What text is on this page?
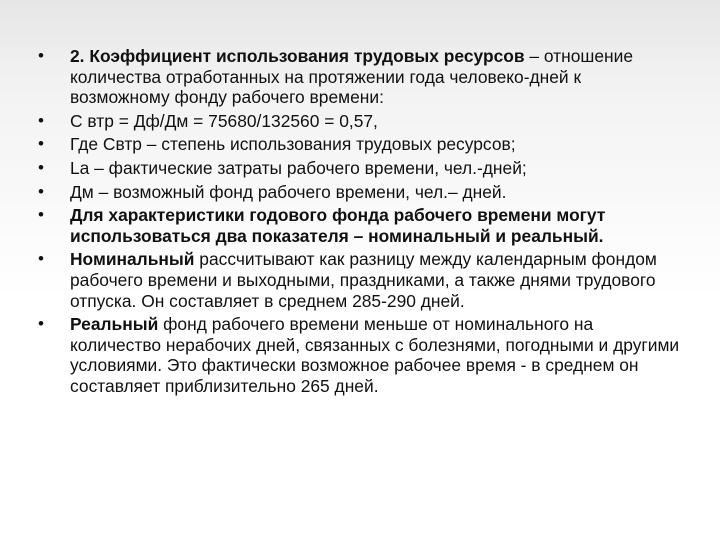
•	2. Коэффициент использования трудовых ресурсов – отношение количества отработанных на протяжении года человеко-дней к возможному фонду рабочего времени:
•	С втр = Дф/Дм = 75680/132560 = 0,57,
•	Где Свтр – степень использования трудовых ресурсов;
•	Lа – фактические затраты рабочего времени, чел.-дней;
•	Дм – возможный фонд рабочего времени, чел.– дней.
•	Для характеристики годового фонда рабочего времени могут использоваться два показателя – номинальный и реальный.
•	Номинальный рассчитывают как разницу между календарным фондом рабочего времени и выходными, праздниками, а также днями трудового отпуска. Он составляет в среднем 285-290 дней.
•	Реальный фонд рабочего времени меньше от номинального на количество нерабочих дней, связанных с болезнями, погодными и другими условиями. Это фактически возможное рабочее время - в среднем он составляет приблизительно 265 дней.
